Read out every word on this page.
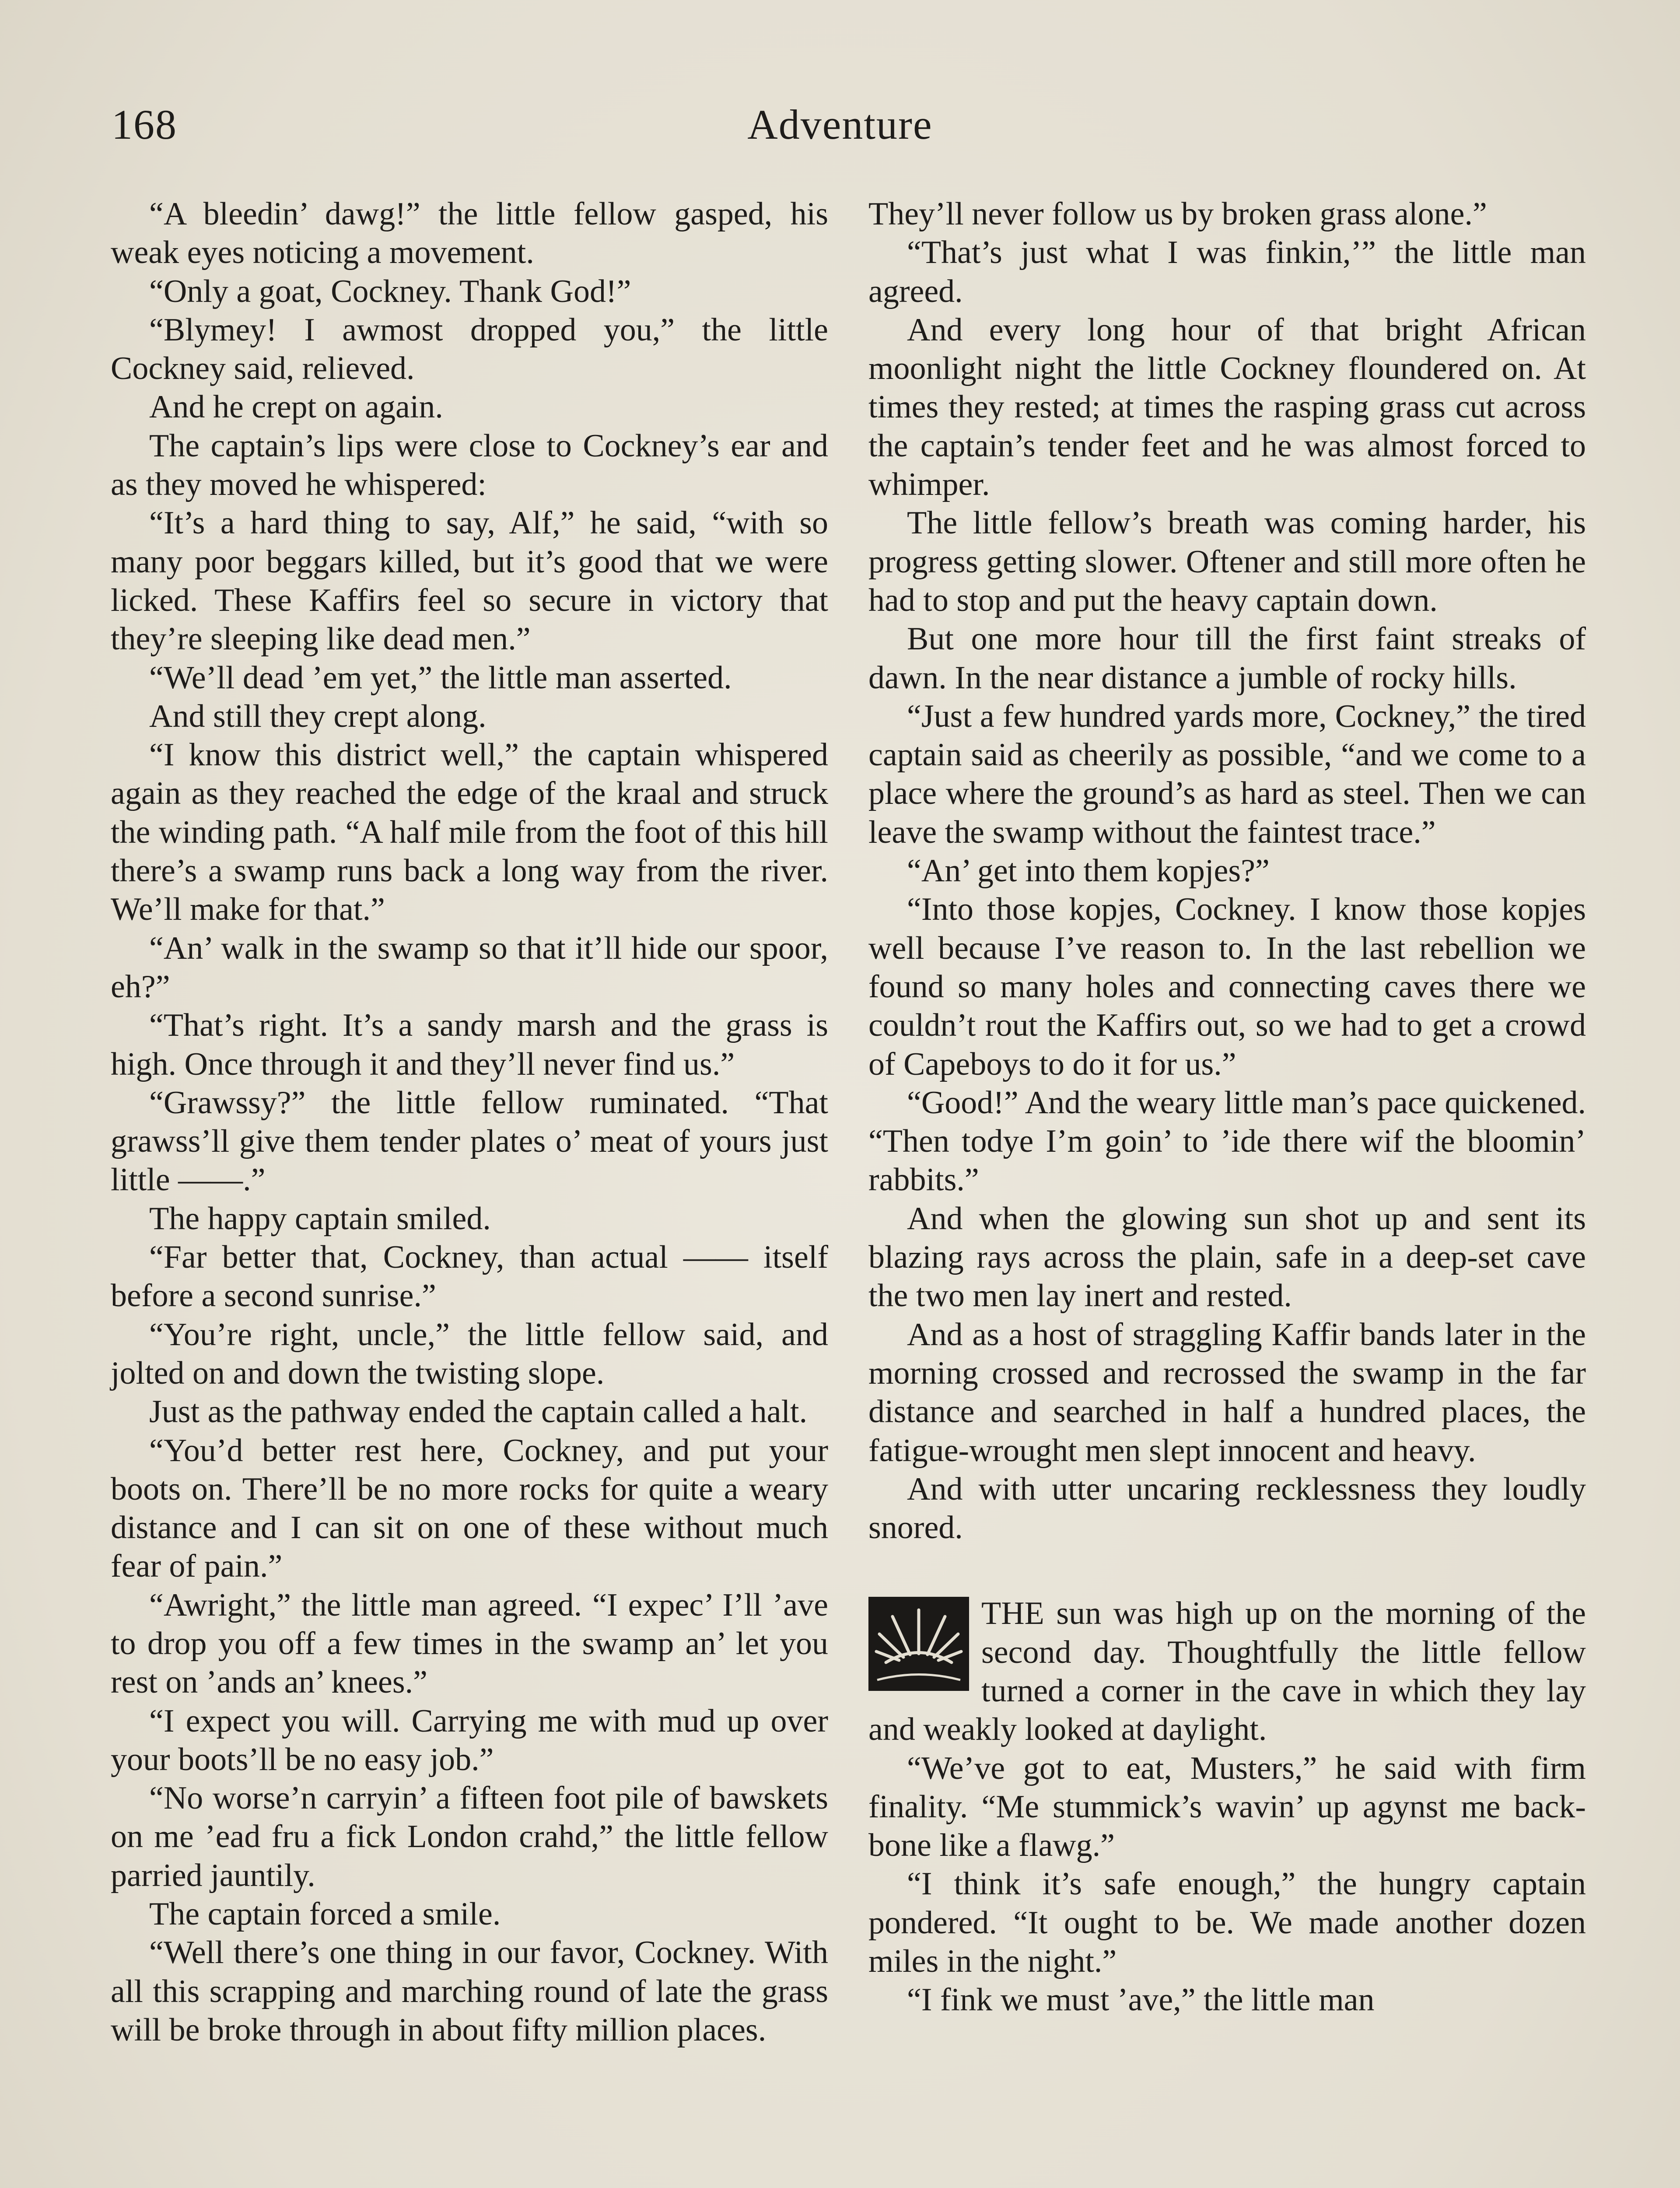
168	Adventure

“A bleedin’ dawg!” the little fellow gasped, his weak eyes noticing a movement.

“Only a goat, Cockney. Thank God!”

“Blymey! I awmost dropped you,” the little Cockney said, relieved.

And he crept on again.

The captain’s lips were close to Cockney’s ear and as they moved he whispered:

“It’s a hard thing to say, Alf,” he said, “with so many poor beggars killed, but it’s good that we were licked. These Kaffirs feel so secure in victory that they’re sleeping like dead men.”

“We’ll dead ’em yet,” the little man asserted.

And still they crept along.

“I know this district well,” the captain whispered again as they reached the edge of the kraal and struck the winding path. “A half mile from the foot of this hill there’s a swamp runs back a long way from the river. We’ll make for that.”

“An’ walk in the swamp so that it’ll hide our spoor, eh?”

“That’s right. It’s a sandy marsh and the grass is high. Once through it and they’ll never find us.”

“Grawssy?” the little fellow ruminated. “That grawss’ll give them tender plates o’ meat of yours just little ——.”

The happy captain smiled.

“Far better that, Cockney, than actual —— itself before a second sunrise.”

“You’re right, uncle,” the little fellow said, and jolted on and down the twisting slope.

Just as the pathway ended the captain called a halt.

“You’d better rest here, Cockney, and put your boots on. There’ll be no more rocks for quite a weary distance and I can sit on one of these without much fear of pain.”

“Awright,” the little man agreed. “I expec’ I’ll ’ave to drop you off a few times in the swamp an’ let you rest on ’ands an’ knees.”

“I expect you will. Carrying me with mud up over your boots’ll be no easy job.”

“No worse’n carryin’ a fifteen foot pile of bawskets on me ’ead fru a fick London crahd,” the little fellow parried jauntily.

The captain forced a smile.

“Well there’s one thing in our favor, Cockney. With all this scrapping and marching round of late the grass will be broke through in about fifty million places.

They’ll never follow us by broken grass alone.”

“That’s just what I was finkin,’” the little man agreed.

And every long hour of that bright African moonlight night the little Cockney floundered on. At times they rested; at times the rasping grass cut across the captain’s tender feet and he was almost forced to whimper.

The little fellow’s breath was coming harder, his progress getting slower. Oftener and still more often he had to stop and put the heavy captain down.

But one more hour till the first faint streaks of dawn. In the near distance a jumble of rocky hills.

“Just a few hundred yards more, Cockney,” the tired captain said as cheerily as possible, “and we come to a place where the ground’s as hard as steel. Then we can leave the swamp without the faintest trace.”

“An’ get into them kopjes?”

“Into those kopjes, Cockney. I know those kopjes well because I’ve reason to. In the last rebellion we found so many holes and connecting caves there we couldn’t rout the Kaffirs out, so we had to get a crowd of Capeboys to do it for us.”

“Good!” And the weary little man’s pace quickened. “Then todye I’m goin’ to ’ide there wif the bloomin’ rabbits.”

And when the glowing sun shot up and sent its blazing rays across the plain, safe in a deep-set cave the two men lay inert and rested.

And as a host of straggling Kaffir bands later in the morning crossed and recrossed the swamp in the far distance and searched in half a hundred places, the fatigue-wrought men slept innocent and heavy.

And with utter uncaring recklessness they loudly snored.

THE sun was high up on the morning of the second day. Thoughtfully the little fellow turned a corner in the cave in which they lay and weakly looked at daylight.

“We’ve got to eat, Musters,” he said with firm finality. “Me stummick’s wavin’ up agynst me back-bone like a flawg.”

“I think it’s safe enough,” the hungry captain pondered. “It ought to be. We made another dozen miles in the night.”

“I fink we must ’ave,” the little man
